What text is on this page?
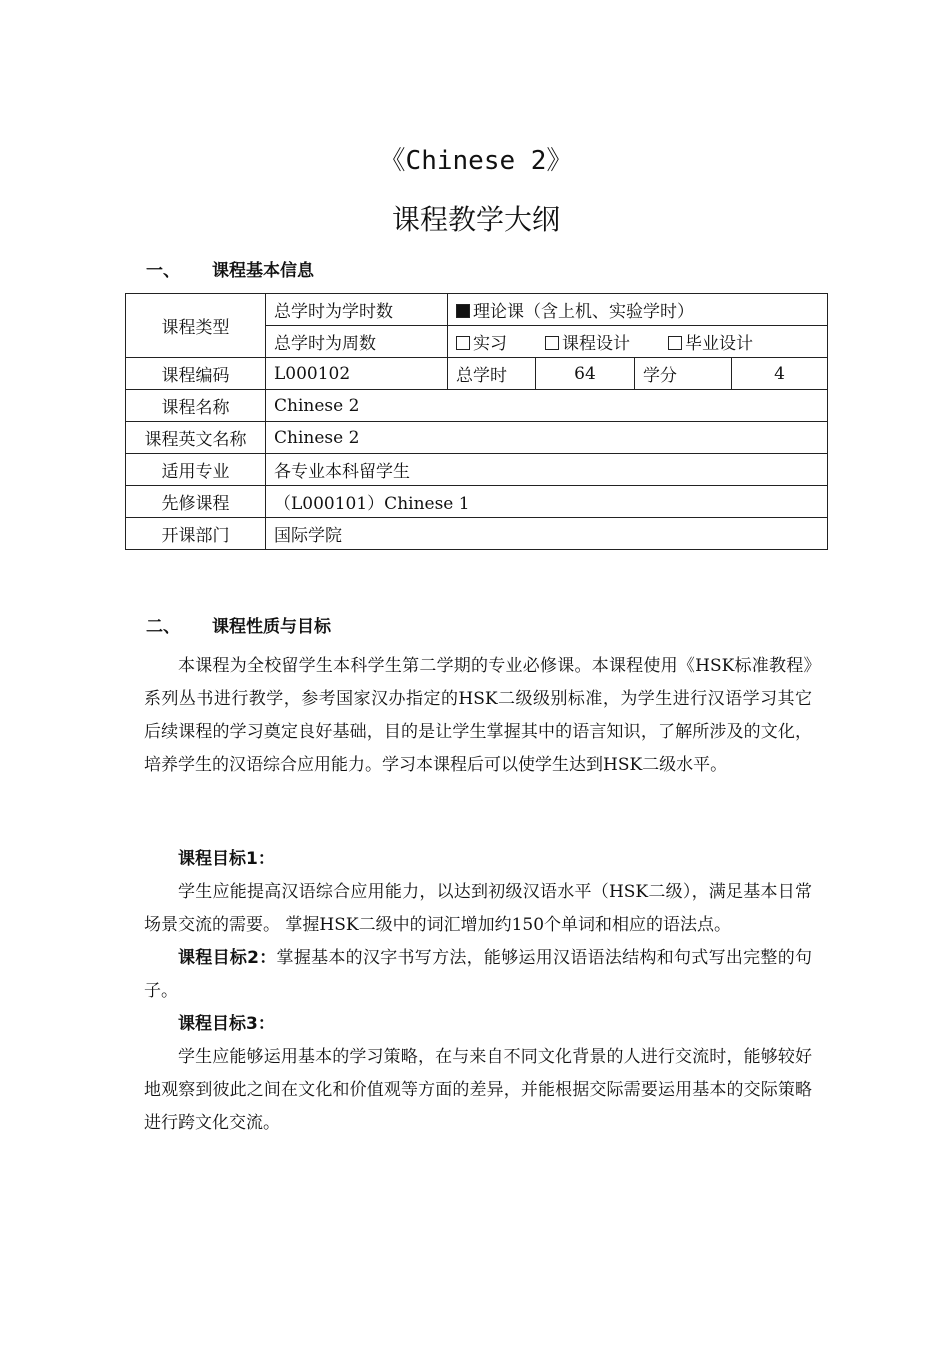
《Chinese 2》
课程教学大纲
一、 课程基本信息
课程类型	总学时为学时数	理论课（含上机、实验学时）			
	总学时为周数	实习 课程设计 毕业设计			
课程编码	L000102	总学时	64	学分	4
课程名称	Chinese 2				
课程英文名称	Chinese 2				
适用专业	各专业本科留学生				
先修课程	（L000101）Chinese 1				
开课部门	国际学院				
二、 课程性质与目标

本课程为全校留学生本科学生第二学期的专业必修课。本课程使用《HSK标准教程》系列丛书进行教学，参考国家汉办指定的HSK二级级别标准，为学生进行汉语学习其它后续课程的学习奠定良好基础，目的是让学生掌握其中的语言知识，了解所涉及的文化，培养学生的汉语综合应用能力。学习本课程后可以使学生达到HSK二级水平。

课程目标1：

学生应能提高汉语综合应用能力，以达到初级汉语水平（HSK二级），满足基本日常场景交流的需要。 掌握HSK二级中的词汇增加约150个单词和相应的语法点。

课程目标2：掌握基本的汉字书写方法，能够运用汉语语法结构和句式写出完整的句子。

课程目标3：

学生应能够运用基本的学习策略，在与来自不同文化背景的人进行交流时，能够较好地观察到彼此之间在文化和价值观等方面的差异，并能根据交际需要运用基本的交际策略进行跨文化交流。
